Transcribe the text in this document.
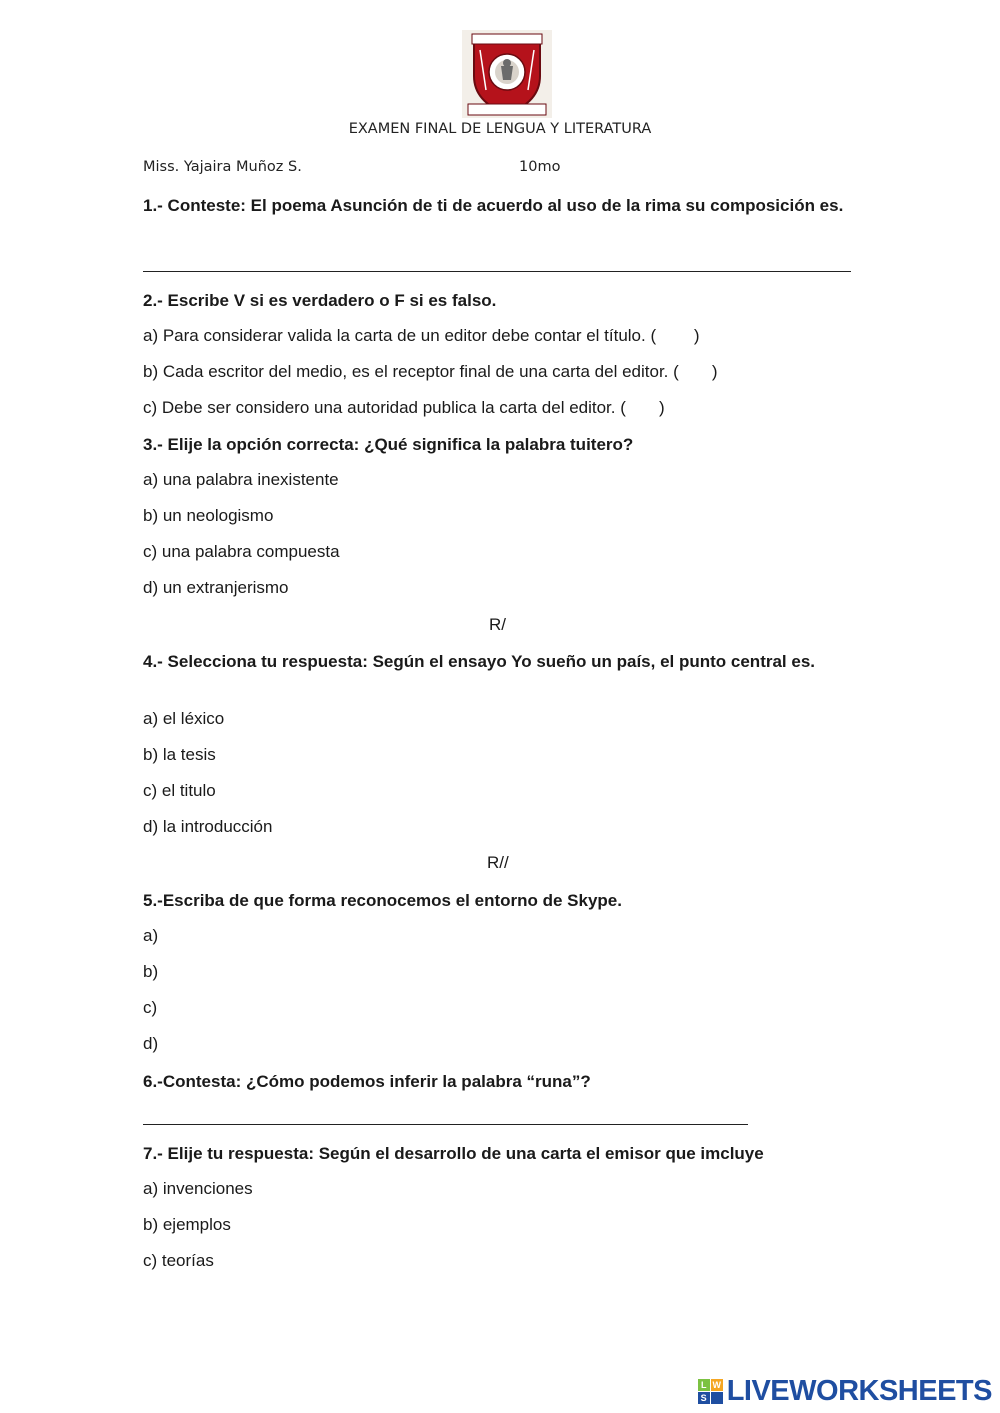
EXAMEN FINAL DE LENGUA Y LITERATURA
Miss. Yajaira Muñoz S.	10mo
1.- Conteste: El poema Asunción de ti de acuerdo al uso de la rima su composición es.
2.- Escribe V si es verdadero o F si es falso.
a) Para considerar valida la carta de un editor debe contar el título. (        )
b) Cada escritor del medio, es el receptor final de una carta del editor. (       )
c) Debe ser considero una autoridad publica la carta del editor. (       )
3.- Elije la opción correcta: ¿Qué significa la palabra tuitero?
a) una palabra inexistente
b) un neologismo
c) una palabra compuesta
d) un extranjerismo
R/
4.- Selecciona tu respuesta: Según el ensayo Yo sueño un país, el punto central es.
a) el léxico
b) la tesis
c) el titulo
d) la introducción
R//
5.-Escriba de que forma reconocemos el entorno de Skype.
a)
b)
c)
d)
6.-Contesta: ¿Cómo podemos inferir la palabra “runa”?
7.- Elije tu respuesta: Según el desarrollo de una carta el emisor que imcluye
a) invenciones
b) ejemplos
c) teorías
L W
S LIVEWORKSHEETS
